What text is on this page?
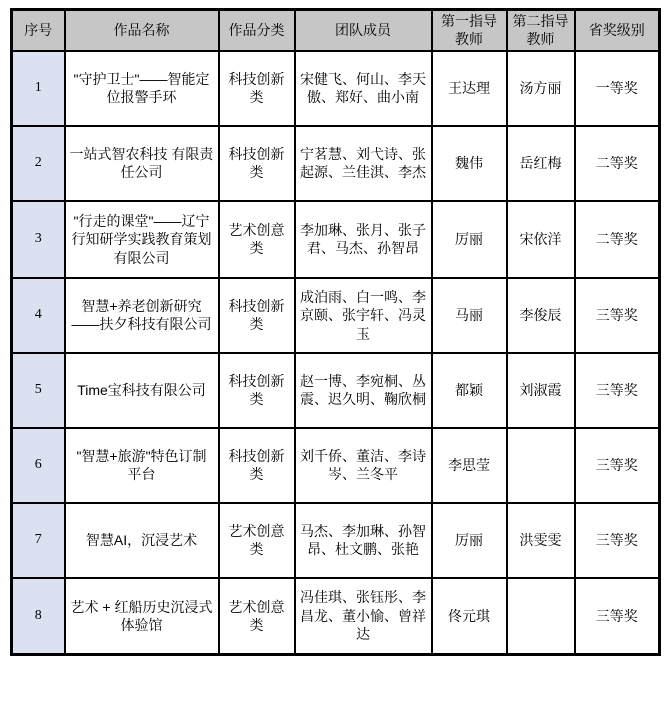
序号	作品名称	作品分类	团队成员	第一指导教师	第二指导教师	省奖级别
1	"守护卫士"——智能定位报警手环	科技创新类	宋健飞、何山、李天傲、郑好、曲小南	王达理	汤方丽	一等奖
2	一站式智农科技 有限责任公司	科技创新类	宁茗慧、刘弋诗、张起源、兰佳淇、李杰	魏伟	岳红梅	二等奖
3	"行走的课堂"——辽宁行知研学实践教育策划有限公司	艺术创意类	李加琳、张月、张子君、马杰、孙智昂	厉丽	宋依洋	二等奖
4	智慧+养老创新研究——扶夕科技有限公司	科技创新类	成泊雨、白一鸣、李京颐、张宇轩、冯灵玉	马丽	李俊辰	三等奖
5	Time宝科技有限公司	科技创新类	赵一博、李宛桐、丛震、迟久明、鞠欣桐	都颖	刘淑霞	三等奖
6	"智慧+旅游"特色订制平台	科技创新类	刘千侨、董洁、李诗岑、兰冬平	李思莹		三等奖
7	智慧AI，沉浸艺术	艺术创意类	马杰、李加琳、孙智昂、杜文鹏、张艳	厉丽	洪雯雯	三等奖
8	艺术 + 红船历史沉浸式体验馆	艺术创意类	冯佳琪、张钰彤、李昌龙、董小愉、曾祥达	佟元琪		三等奖
